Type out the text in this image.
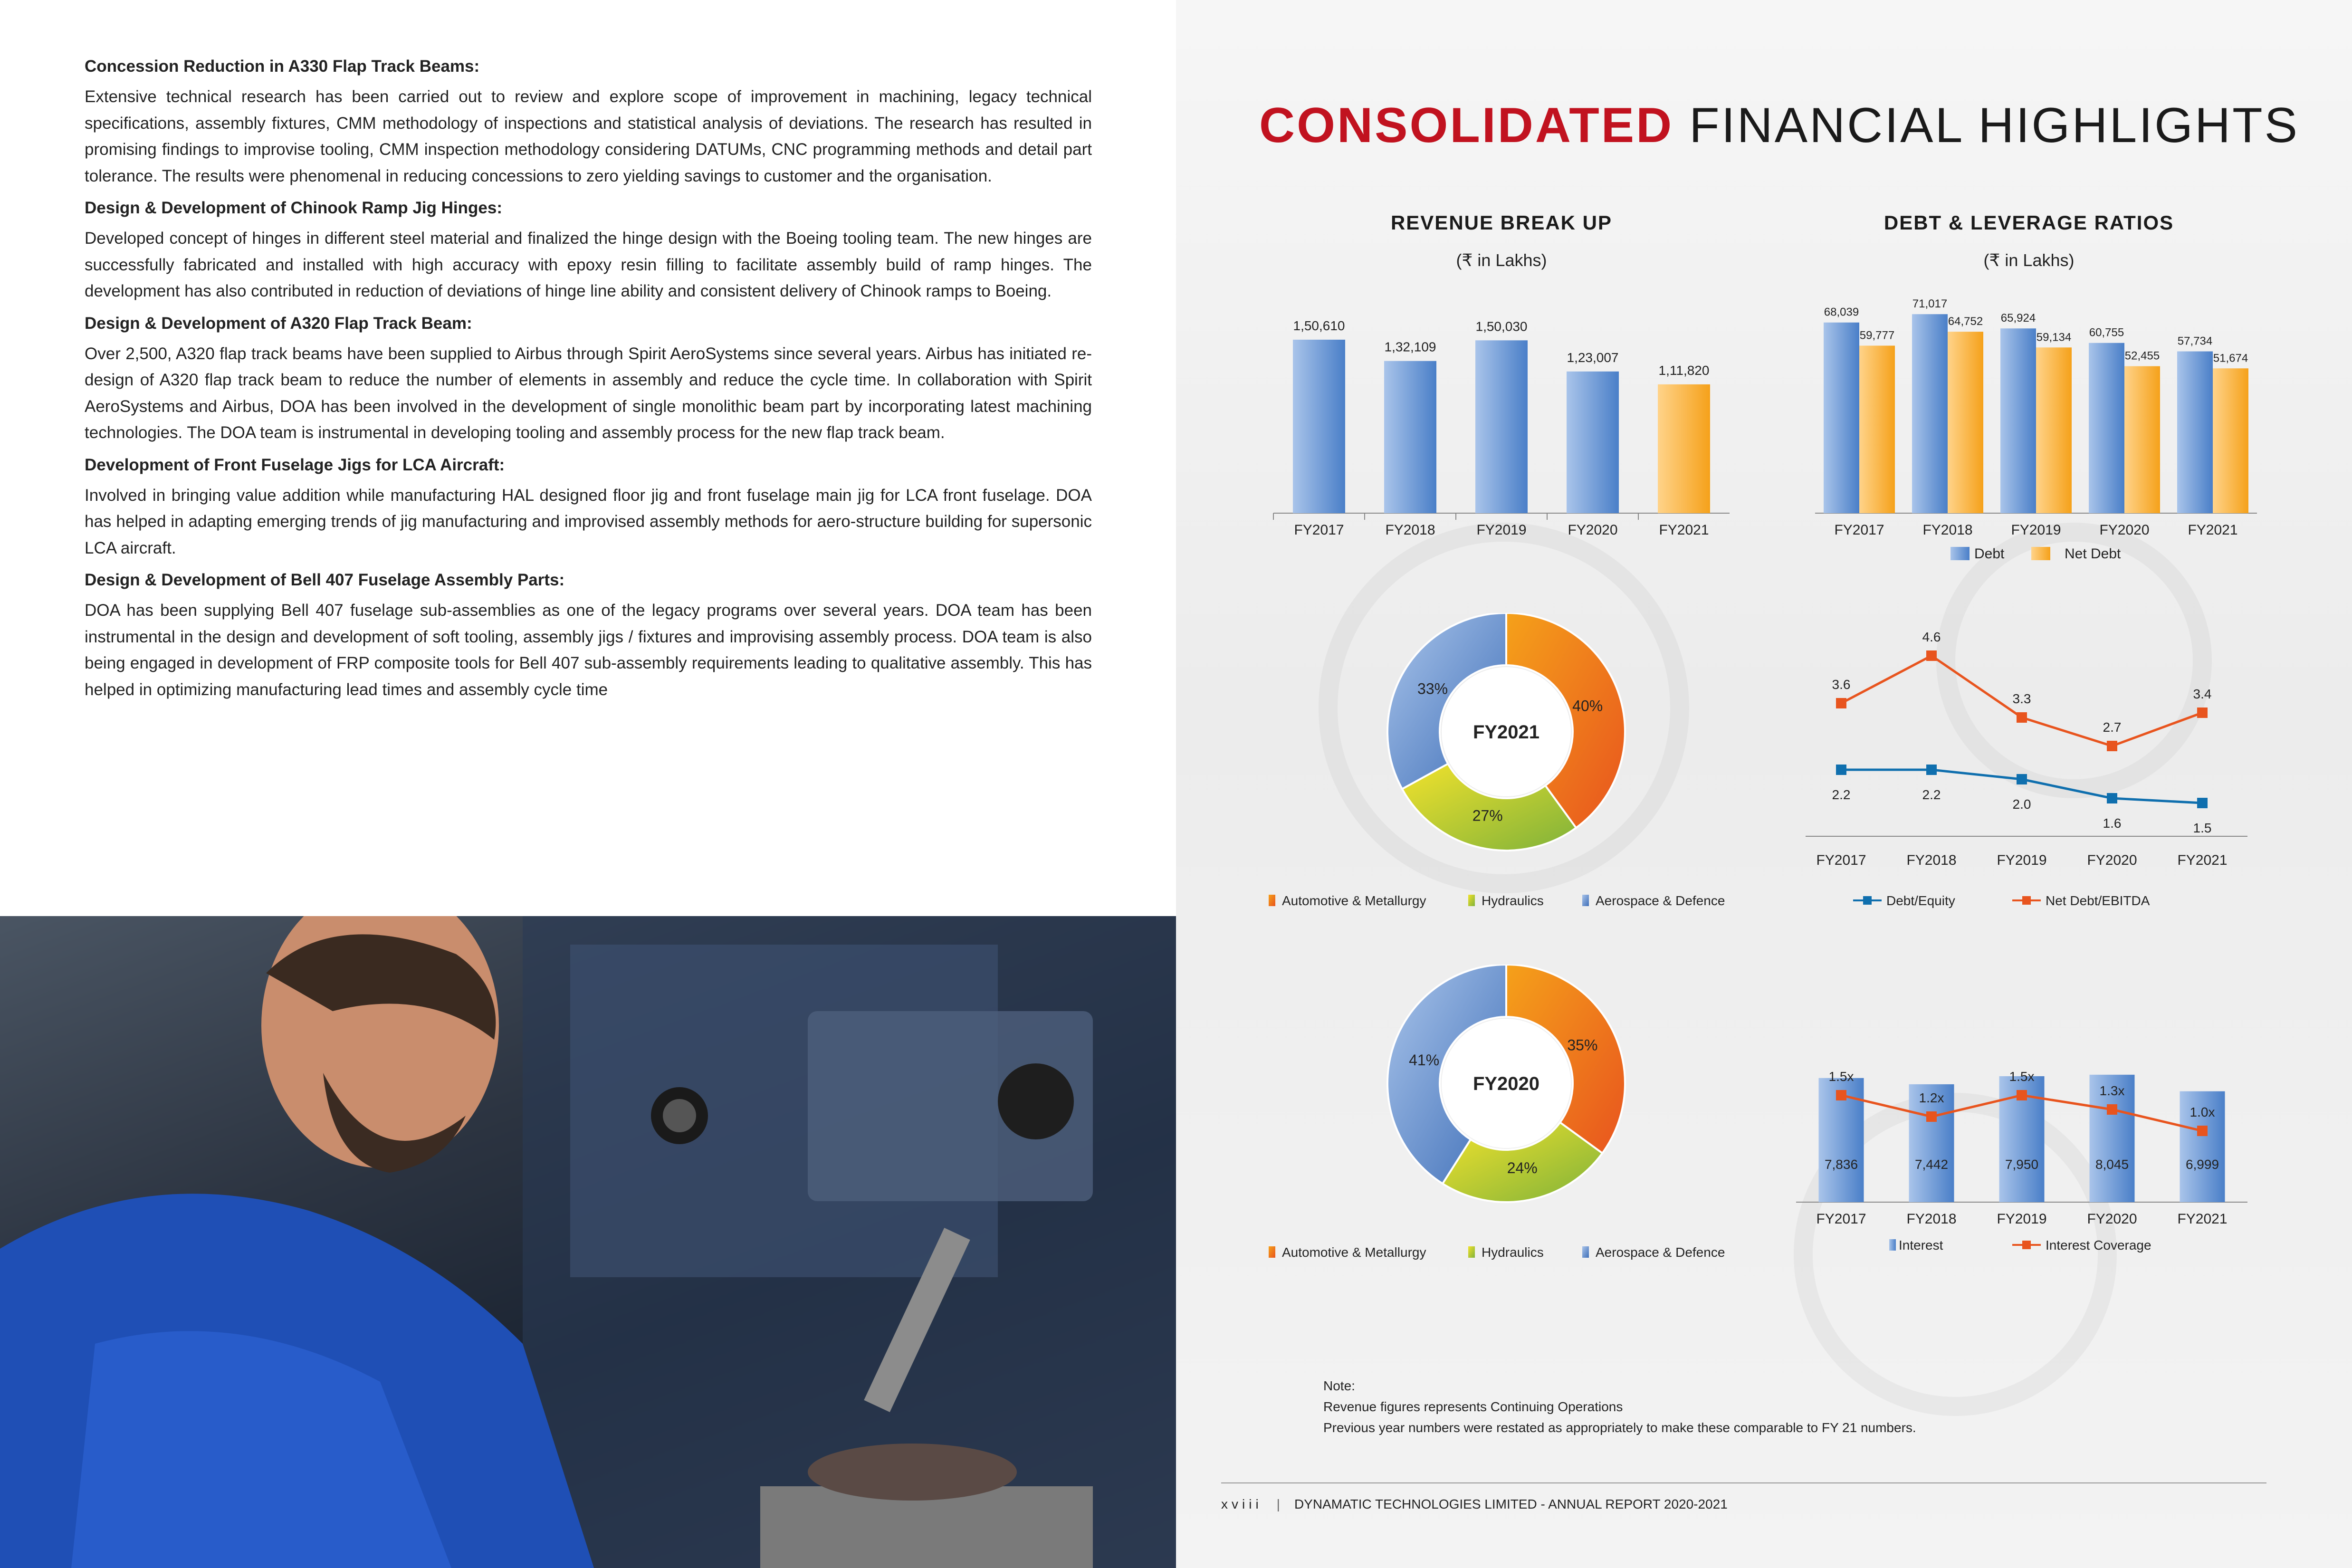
Concession Reduction in A330 Flap Track Beams:
Extensive technical research has been carried out to review and explore scope of improvement in machining, legacy technical specifications, assembly fixtures, CMM methodology of inspections and statistical analysis of deviations. The research has resulted in promising findings to improvise tooling, CMM inspection methodology considering DATUMs, CNC programming methods and detail part tolerance. The results were phenomenal in reducing concessions to zero yielding savings to customer and the organisation.
Design & Development of Chinook Ramp Jig Hinges:
Developed concept of hinges in different steel material and finalized the hinge design with the Boeing tooling team. The new hinges are successfully fabricated and installed with high accuracy with epoxy resin filling to facilitate assembly build of ramp hinges. The development has also contributed in reduction of deviations of hinge line ability and consistent delivery of Chinook ramps to Boeing.
Design & Development of A320 Flap Track Beam:
Over 2,500, A320 flap track beams have been supplied to Airbus through Spirit AeroSystems since several years. Airbus has initiated re-design of A320 flap track beam to reduce the number of elements in assembly and reduce the cycle time. In collaboration with Spirit AeroSystems and Airbus, DOA has been involved in the development of single monolithic beam part by incorporating latest machining technologies. The DOA team is instrumental in developing tooling and assembly process for the new flap track beam.
Development of Front Fuselage Jigs for LCA Aircraft:
Involved in bringing value addition while manufacturing HAL designed floor jig and front fuselage main jig for LCA front fuselage. DOA has helped in adapting emerging trends of jig manufacturing and improvised assembly methods for aero-structure building for supersonic LCA aircraft.
Design & Development of Bell 407 Fuselage Assembly Parts:
DOA has been supplying Bell 407 fuselage sub-assemblies as one of the legacy programs over several years. DOA team has been instrumental in the design and development of soft tooling, assembly jigs / fixtures and improvising assembly process. DOA team is also being engaged in development of FRP composite tools for Bell 407 sub-assembly requirements leading to qualitative assembly. This has helped in optimizing manufacturing lead times and assembly cycle time
CONSOLIDATED FINANCIAL HIGHLIGHTS
REVENUE BREAK UP
(₹ in Lakhs)
DEBT & LEVERAGE RATIOS
(₹ in Lakhs)
1,50,610
FY2017
1,32,109
FY2018
1,50,030
FY2019
1,23,007
FY2020
1,11,820
FY2021
68,039
59,777
FY2017
71,017
64,752
FY2018
65,924
59,134
FY2019
60,755
52,455
FY2020
57,734
51,674
FY2021
Debt	Net Debt
40%
27%
33%
FY2021
Automotive & Metallurgy	Hydraulics	Aerospace & Defence
2.2	2.2
2.0
1.6	1.5
3.6
4.6
3.3
2.7
3.4
FY2017	FY2018	FY2019	FY2020	FY2021
Debt/Equity	Net Debt/EBITDA
35%
24%
41%
FY2020
Automotive & Metallurgy	Hydraulics	Aerospace & Defence
7,836
FY2017
7,442
FY2018
7,950
FY2019
8,045
FY2020
6,999
FY2021
1.5x
1.2x
1.5x
1.3x
1.0x
Interest	Interest Coverage
Note:
Revenue figures represents Continuing Operations
Previous year numbers were restated as appropriately to make these comparable to FY 21 numbers.
xviii | DYNAMATIC TECHNOLOGIES LIMITED - ANNUAL REPORT 2020-2021
